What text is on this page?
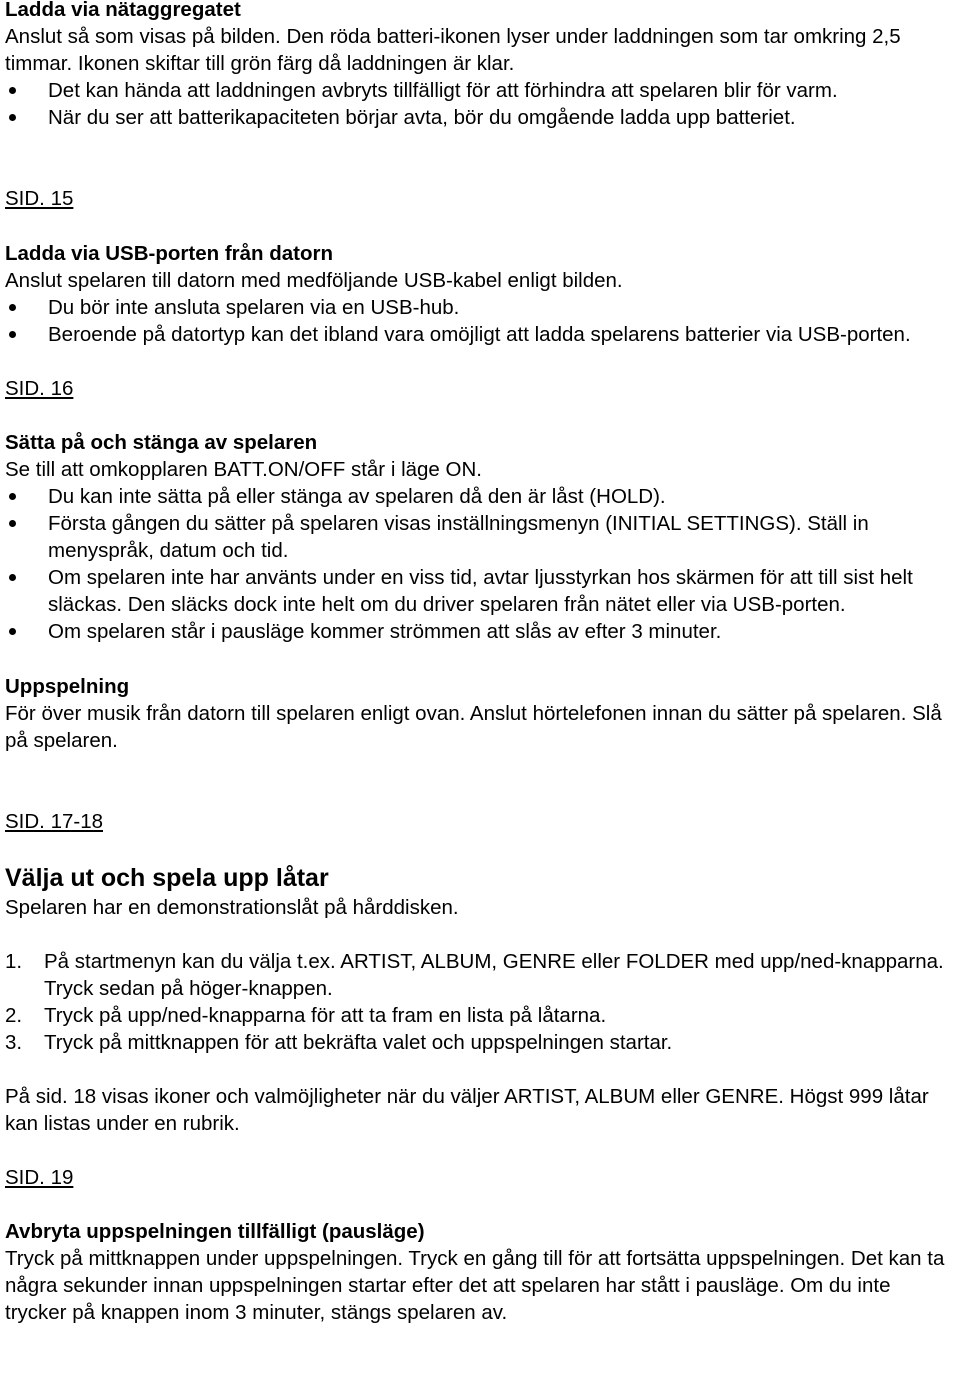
Ladda via nätaggregatet

Anslut så som visas på bilden. Den röda batteri-ikonen lyser under laddningen som tar omkring 2,5 timmar. Ikonen skiftar till grön färg då laddningen är klar.

Det kan hända att laddningen avbryts tillfälligt för att förhindra att spelaren blir för varm.
När du ser att batterikapaciteten börjar avta, bör du omgående ladda upp batteriet.

SID. 15

Ladda via USB-porten från datorn

Anslut spelaren till datorn med medföljande USB-kabel enligt bilden.

Du bör inte ansluta spelaren via en USB-hub.
Beroende på datortyp kan det ibland vara omöjligt att ladda spelarens batterier via USB-porten.

SID. 16

Sätta på och stänga av spelaren

Se till att omkopplaren BATT.ON/OFF står i läge ON.

Du kan inte sätta på eller stänga av spelaren då den är låst (HOLD).
Första gången du sätter på spelaren visas inställningsmenyn (INITIAL SETTINGS). Ställ in menyspråk, datum och tid.
Om spelaren inte har använts under en viss tid, avtar ljusstyrkan hos skärmen för att till sist helt släckas. Den släcks dock inte helt om du driver spelaren från nätet eller via USB-porten.
Om spelaren står i pausläge kommer strömmen att slås av efter 3 minuter.

Uppspelning

För över musik från datorn till spelaren enligt ovan. Anslut hörtelefonen innan du sätter på spelaren. Slå på spelaren.

SID. 17-18

Välja ut och spela upp låtar

Spelaren har en demonstrationslåt på hårddisken.

1. På startmenyn kan du välja t.ex. ARTIST, ALBUM, GENRE eller FOLDER med upp/ned-knapparna. Tryck sedan på höger-knappen.
2. Tryck på upp/ned-knapparna för att ta fram en lista på låtarna.
3. Tryck på mittknappen för att bekräfta valet och uppspelningen startar.

På sid. 18 visas ikoner och valmöjligheter när du väljer ARTIST, ALBUM eller GENRE. Högst 999 låtar kan listas under en rubrik.

SID. 19

Avbryta uppspelningen tillfälligt (pausläge)

Tryck på mittknappen under uppspelningen. Tryck en gång till för att fortsätta uppspelningen. Det kan ta några sekunder innan uppspelningen startar efter det att spelaren har stått i pausläge. Om du inte trycker på knappen inom 3 minuter, stängs spelaren av.
